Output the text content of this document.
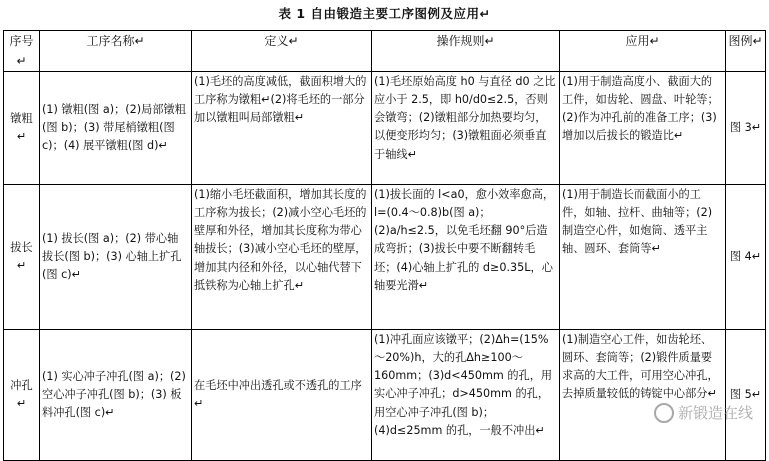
表 1 自由锻造主要工序图例及应用↵
序号↵	工序名称↵	定义↵	操作规则↵	应用↵	图例↵
镦粗↵	(1) 镦粗(图 a)；(2)局部镦粗(图 b)；(3) 带尾梢镦粗(图 c)；(4) 展平镦粗(图 d)↵	(1)毛坯的高度减低，截面积增大的工序称为镦粗↵(2)将毛坯的一部分加以镦粗叫局部镦粗↵	(1)毛坯原始高度 h0 与直径 d0 之比应小于 2.5，即 h0/d0≤2.5，否则会镦弯；(2)镦粗部分加热要均匀，以便变形均匀；(3)镦粗面必须垂直于轴线↵	(1)用于制造高度小、截面大的工件，如齿轮、圆盘、叶轮等；(2)作为冲孔前的准备工序；(3)增加以后拔长的锻造比↵	图 3↵
拔长↵	(1) 拔长(图 a)；(2) 带心轴拔长(图 b)；(3) 心轴上扩孔(图 c)↵	(1)缩小毛坯截面积，增加其长度的工序称为拔长；(2)减小空心毛坯的壁厚和外径，增加其长度称为带心轴拔长；(3)减小空心毛坯的壁厚，增加其内径和外径，以心轴代替下抵铁称为心轴上扩孔↵	(1)拔长面的 l<a0，愈小效率愈高，l=(0.4～0.8)b(图 a)；(2)a/h≤2.5，以免毛坯翻 90°后造成弯折；(3)拔长中要不断翻转毛坯；(4)心轴上扩孔的 d≥0.35L，心轴要光滑↵	(1)用于制造长而截面小的工件，如轴、拉杆、曲轴等；(2)制造空心件，如炮筒、透平主轴、圆环、套筒等↵	图 4↵
冲孔↵	(1) 实心冲子冲孔(图 a)；(2) 空心冲子冲孔(图 b)；(3) 板料冲孔(图 c)↵	在毛坯中冲出透孔或不透孔的工序↵	(1)冲孔面应该镦平；(2)Δh=(15%～20%)h，大的孔Δh≥100～160mm；(3)d<450mm 的孔，用实心冲子冲孔；d>450mm 的孔，用空心冲子冲孔(图 b)；(4)d≤25mm 的孔，一般不冲出↵	(1)制造空心工件，如齿轮坯、圆环、套筒等；(2)锻件质量要求高的大工件，可用空心冲孔，去掉质量较低的铸锭中心部分↵	图 5↵
新锻造在线
